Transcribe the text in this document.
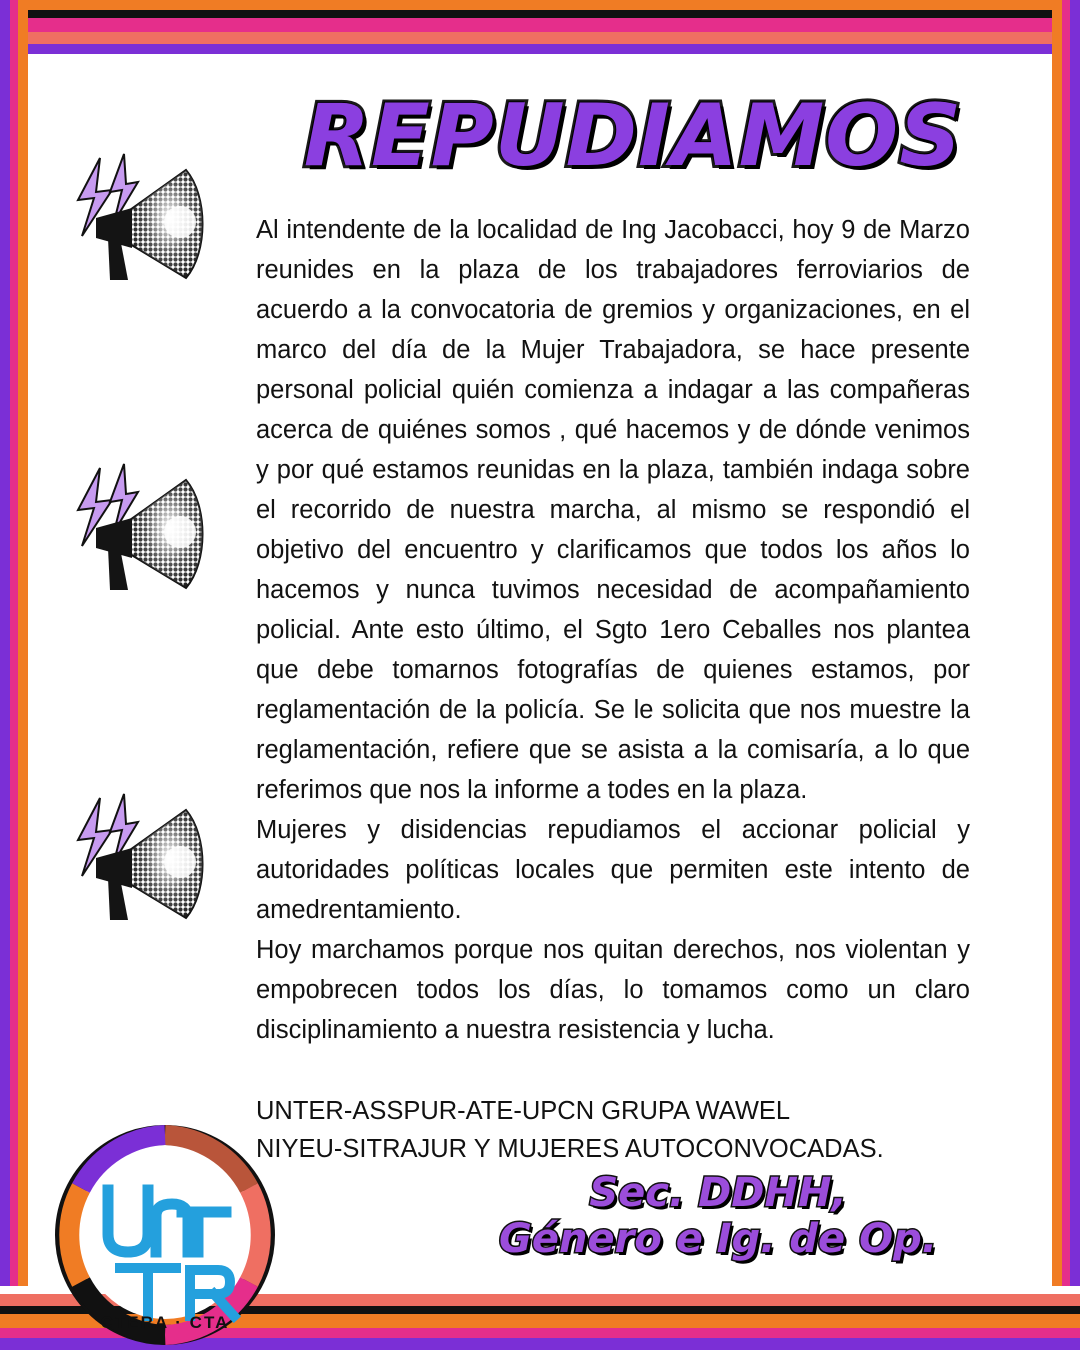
REPUDIAMOS

Al intendente de la localidad de Ing Jacobacci, hoy 9 de Marzo reunides en la plaza de los trabajadores ferroviarios de acuerdo a la convocatoria de gremios y organizaciones, en el marco del día de la Mujer Trabajadora, se hace presente personal policial quién comienza a indagar a las compañeras acerca de quiénes somos , qué hacemos y de dónde venimos y por qué estamos reunidas en la plaza, también indaga sobre el recorrido de nuestra marcha, al mismo se respondió el objetivo del encuentro y clarificamos que todos los años lo hacemos y nunca tuvimos necesidad de acompañamiento policial. Ante esto último, el Sgto 1ero Ceballes nos plantea que debe tomarnos fotografías de quienes estamos, por reglamentación de la policía. Se le solicita que nos muestre la reglamentación, refiere que se asista a la comisaría, a lo que referimos que nos la informe a todes en la plaza.

Mujeres y disidencias repudiamos el accionar policial y autoridades políticas locales que permiten este intento de amedrentamiento.

Hoy marchamos porque nos quitan derechos, nos violentan y empobrecen todos los días, lo tomamos como un claro disciplinamiento a nuestra resistencia y lucha.

UNTER-ASSPUR-ATE-UPCN GRUPA WAWEL

NIYEU-SITRAJUR Y MUJERES AUTOCONVOCADAS.

Sec. DDHH,
Género e Ig. de Op.
CTERA · CTA
